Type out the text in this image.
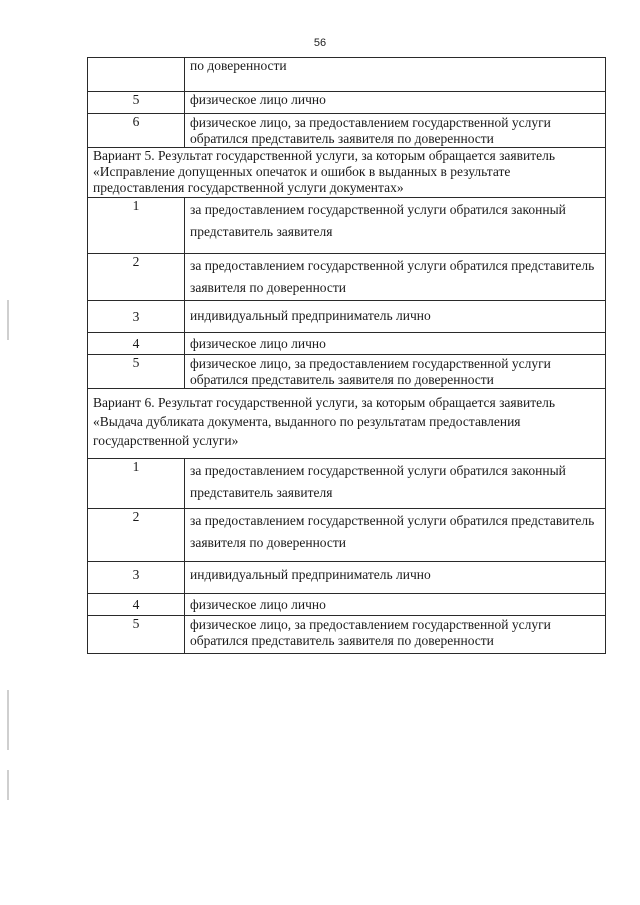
56

	по доверенности

5	физическое лицо лично

6	физическое лицо, за предоставлением государственной услуги обратился представитель заявителя по доверенности

Вариант 5. Результат государственной услуги, за которым обращается заявитель «Исправление допущенных опечаток и ошибок в выданных в результате предоставления государственной услуги документах»	
1	за предоставлением государственной услуги обратился законный представитель заявителя

2	за предоставлением государственной услуги обратился представитель заявителя по доверенности

3	индивидуальный предприниматель лично

4	физическое лицо лично

5	физическое лицо, за предоставлением государственной услуги обратился представитель заявителя по доверенности

Вариант 6. Результат государственной услуги, за которым обращается заявитель «Выдача дубликата документа, выданного по результатам предоставления государственной услуги»	
1	за предоставлением государственной услуги обратился законный представитель заявителя

2	за предоставлением государственной услуги обратился представитель заявителя по доверенности

3	индивидуальный предприниматель лично

4	физическое лицо лично

5	физическое лицо, за предоставлением государственной услуги обратился представитель заявителя по доверенности
